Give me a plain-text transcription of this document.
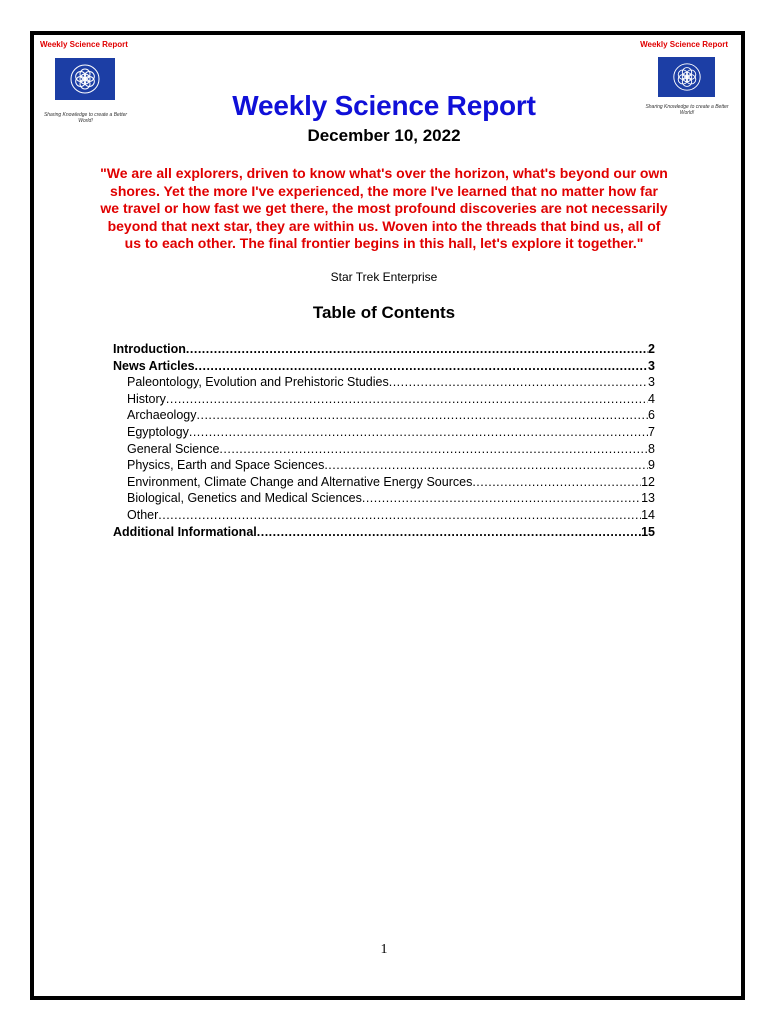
Weekly Science Report	Weekly Science Report
Sharing Knowledge to create a Better World!
Sharing Knowledge to create a Better World!
Weekly Science Report
December 10, 2022
"We are all explorers, driven to know what's over the horizon, what's beyond our own shores. Yet the more I've experienced, the more I've learned that no matter how far we travel or how fast we get there, the most profound discoveries are not necessarily beyond that next star, they are within us. Woven into the threads that bind us, all of us to each other. The final frontier begins in this hall, let's explore it together."
Star Trek Enterprise
Table of Contents
Introduction .....	2
News Articles .....	3
Paleontology, Evolution and Prehistoric Studies .....	3
History .....	4
Archaeology .....	6
Egyptology .....	7
General Science .....	8
Physics, Earth and Space Sciences .....	9
Environment, Climate Change and Alternative Energy Sources .....	12
Biological, Genetics and Medical Sciences .....	13
Other .....	14
Additional Informational .....	15
1
